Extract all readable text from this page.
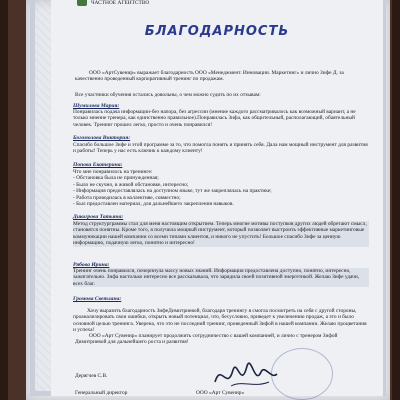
ЧАСТНОЕ АГЕНТСТВО
БЛАГОДАРНОСТЬ
ООО «АртСувенир» выражает благодарность ООО «Менеджмент. Инновации. Маркетинг» и лично Зифе Д. за качественно проведенный корпоративный тренинг по продажам.
Все участники обучения остались довольны, о чем можно судить по их отзывам:
Шумилова Мария:
Понравилась подача информации-без напора, без агрессии (мнение каждого рассматривалось как возможный вариант, а не только мнение тренера, как единственно правильное).Понравилась Зифа, как общительный, располагающий, обаятельный человек. Тренинг прошел легко, просто и очень понравился!
Богомолова Виктория:
Спасибо большое Зифе и этой программе за то, что помогла понять и принять себя. Дала нам мощный инструмент для развития и работы! Теперь у нас есть ключик к каждому клиенту!
Попова Екатерина:
Что мне понравилось на тренинге:
- Обстановка была не принужденная;
- Было не скучно, в живой обстановке, интересно;
- Информация предоставлялась на доступном языке, тут же закреплялась на практике;
- Работа проводилась в коллективе, совместно;
- Был предоставлен материал, для дальнейшего закрепления навыков.
Дикогрова Татьяна:
Метод структурграммы стал для меня настоящим открытием. Теперь многие мотивы поступков других людей обретают смысл, становятся понятны. Кроме того, я получила мощный инструмент, который позволяет выстроить эффективные маркетинговые коммуникации нашей компании со всеми типами клиентов, и никого не упустить! Большое спасибо Зифе за ценную информацию, подачную легко, понятно и интересно!
Рябова Ирина:
Тренинг очень понравился, почерпнула массу новых знаний. Информация предоставлена доступно, понятно, интересно, зажигательно. Зифа настолько интересно все рассказывала, что зарядила своей позитивной энергетикой. Желаю Зифе удачи, всех благ.
Громова Светлана:
Хочу выразить благодарность ЗифеДимитриевой, благодаря тренингу я смогла посмотреть на себя с другой стороны, проанализировать свои ошибки, открыть новый потенциал, что, бесусловно, приведет к увеличению продаж, а это и было основной целью тренинга. Уверена, что это не последний тренинг, проведенный Зифой в нашей компании. Желаю процветания и успеха!
ООО «Арт Сувенир» планирует продолжить сотрудничество с вашей компанией, и лично с тренером Зифой Димитриевой для дальнейшего роста и развития!
Дерягчев С.В.
Генеральный директор	ООО «Арт Сувенир»
